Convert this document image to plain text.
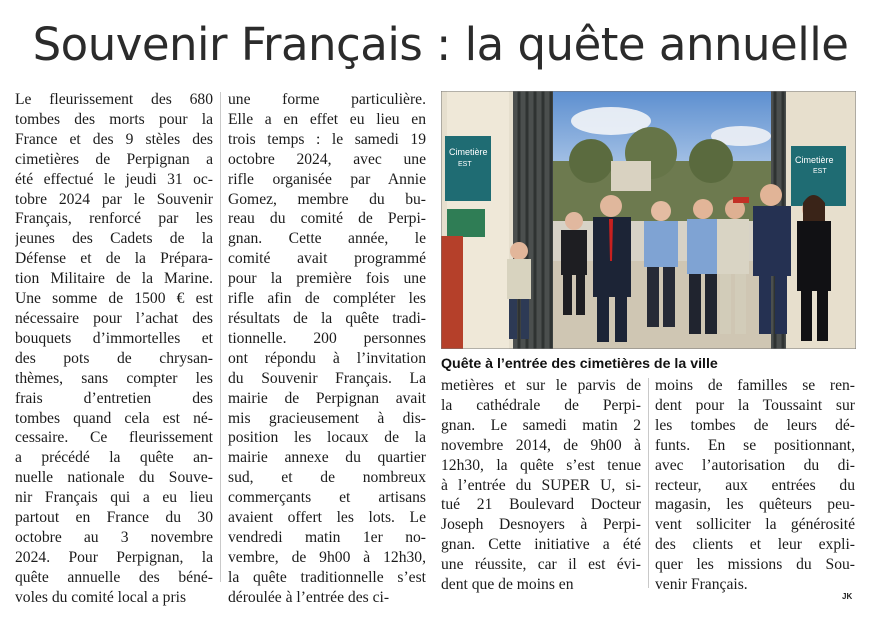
Souvenir Français : la quête annuelle
Le fleurissement des 680
tombes des morts pour la
France et des 9 stèles des
cimetières de Perpignan a
été effectué le jeudi 31 oc-
tobre 2024 par le Souvenir
Français, renforcé par les
jeunes des Cadets de la
Défense et de la Prépara-
tion Militaire de la Marine.
Une somme de 1500 € est
nécessaire pour l’achat des
bouquets d’immortelles et
des pots de chrysan-
thèmes, sans compter les
frais d’entretien des
tombes quand cela est né-
cessaire. Ce fleurissement
a précédé la quête an-
nuelle nationale du Souve-
nir Français qui a eu lieu
partout en France du 30
octobre au 3 novembre
2024. Pour Perpignan, la
quête annuelle des béné-
voles du comité local a pris
une forme particulière.
Elle a en effet eu lieu en
trois temps : le samedi 19
octobre 2024, avec une
rifle organisée par Annie
Gomez, membre du bu-
reau du comité de Perpi-
gnan. Cette année, le
comité avait programmé
pour la première fois une
rifle afin de compléter les
résultats de la quête tradi-
tionnelle. 200 personnes
ont répondu à l’invitation
du Souvenir Français. La
mairie de Perpignan avait
mis gracieusement à dis-
position les locaux de la
mairie annexe du quartier
sud, et de nombreux
commerçants et artisans
avaient offert les lots. Le
vendredi matin 1er no-
vembre, de 9h00 à 12h30,
la quête traditionnelle s’est
déroulée à l’entrée des ci-
Cimetière
EST	Cimetière
EST
Quête à l’entrée des cimetières de la ville
metières et sur le parvis de
la cathédrale de Perpi-
gnan. Le samedi matin 2
novembre 2014, de 9h00 à
12h30, la quête s’est tenue
à l’entrée du SUPER U, si-
tué 21 Boulevard Docteur
Joseph Desnoyers à Perpi-
gnan. Cette initiative a été
une réussite, car il est évi-
dent que de moins en
moins de familles se ren-
dent pour la Toussaint sur
les tombes de leurs dé-
funts. En se positionnant,
avec l’autorisation du di-
recteur, aux entrées du
magasin, les quêteurs peu-
vent solliciter la générosité
des clients et leur expli-
quer les missions du Sou-
venir Français.
JK
